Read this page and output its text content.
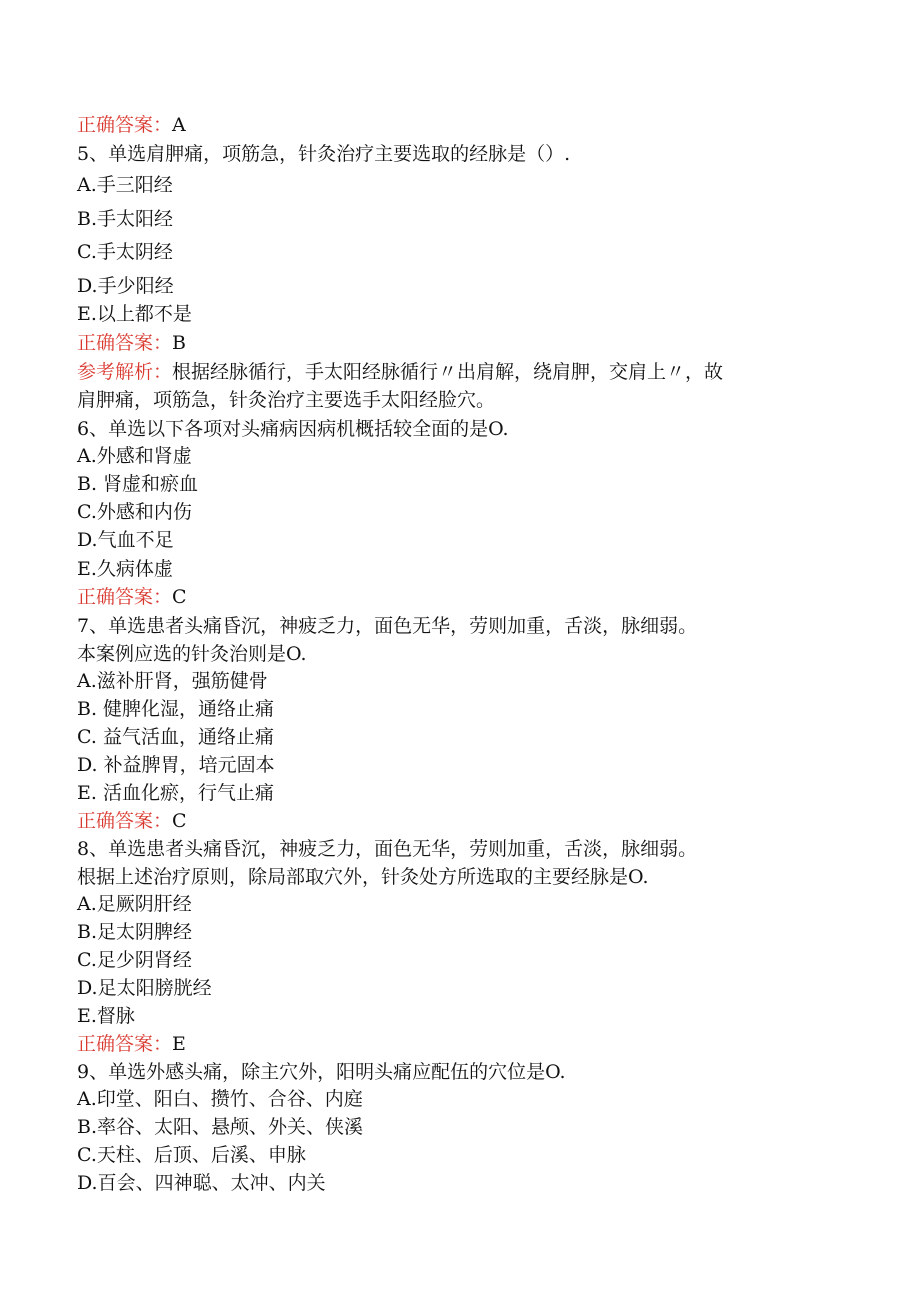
正确答案：A
5、单选肩胛痛，项筋急，针灸治疗主要选取的经脉是（）.
A.手三阳经
B.手太阳经
C.手太阴经
D.手少阳经
E.以上都不是
正确答案：B
参考解析：根据经脉循行，手太阳经脉循行〃出肩解，绕肩胛，交肩上〃，故
肩胛痛，项筋急，针灸治疗主要选手太阳经脸穴。
6、单选以下各项对头痛病因病机概括较全面的是O.
A.外感和肾虚
B. 肾虚和瘀血
C.外感和内伤
D.气血不足
E.久病体虚
正确答案：C
7、单选患者头痛昏沉，神疲乏力，面色无华，劳则加重，舌淡，脉细弱。
本案例应选的针灸治则是O.
A.滋补肝肾，强筋健骨
B. 健脾化湿，通络止痛
C. 益气活血，通络止痛
D. 补益脾胃，培元固本
E. 活血化瘀，行气止痛
正确答案：C
8、单选患者头痛昏沉，神疲乏力，面色无华，劳则加重，舌淡，脉细弱。
根据上述治疗原则，除局部取穴外，针灸处方所选取的主要经脉是O.
A.足厥阴肝经
B.足太阴脾经
C.足少阴肾经
D.足太阳膀胱经
E.督脉
正确答案：E
9、单选外感头痛，除主穴外，阳明头痛应配伍的穴位是O.
A.印堂、阳白、攒竹、合谷、内庭
B.率谷、太阳、悬颅、外关、侠溪
C.天柱、后顶、后溪、申脉
D.百会、四神聪、太冲、内关
